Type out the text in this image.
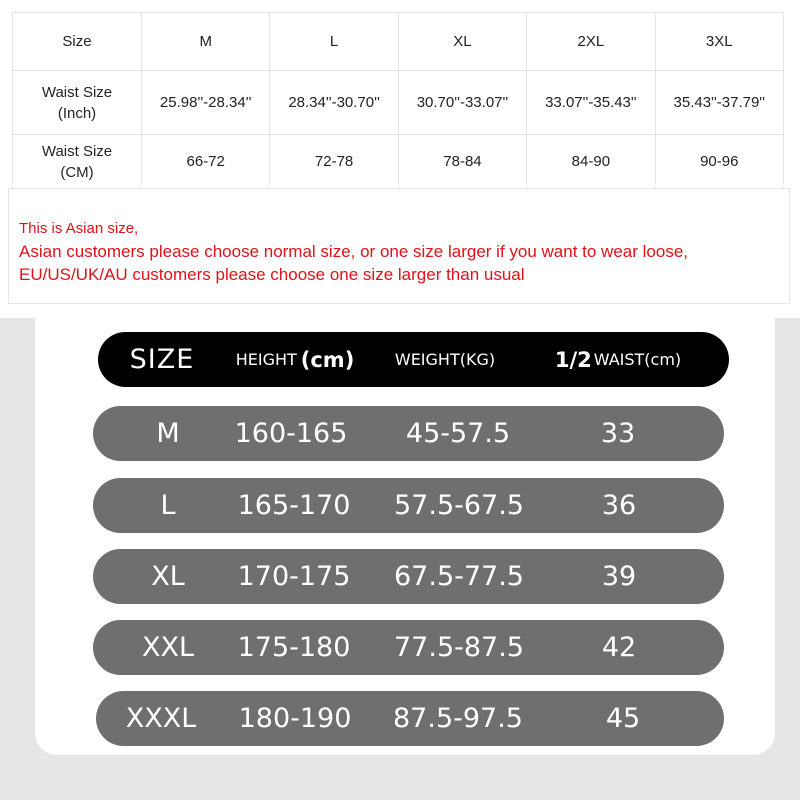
Size	M	L	XL	2XL	3XL

Waist Size
(Inch)	25.98''-28.34''	28.34''-30.70''	30.70''-33.07''	33.07''-35.43''	35.43''-37.79''

Waist Size
(CM)	66-72	72-78	78-84	84-90	90-96
This is Asian size,
Asian customers please choose normal size, or one size larger if you want to wear loose,
EU/US/UK/AU customers please choose one size larger than usual
SIZE	HEIGHT (cm)	WEIGHT (KG)	1/2 WAIST(cm)
M	160-165	45-57.5	33
L	165-170	57.5-67.5	36
XL	170-175	67.5-77.5	39
XXL	175-180	77.5-87.5	42
XXXL	180-190	87.5-97.5	45
